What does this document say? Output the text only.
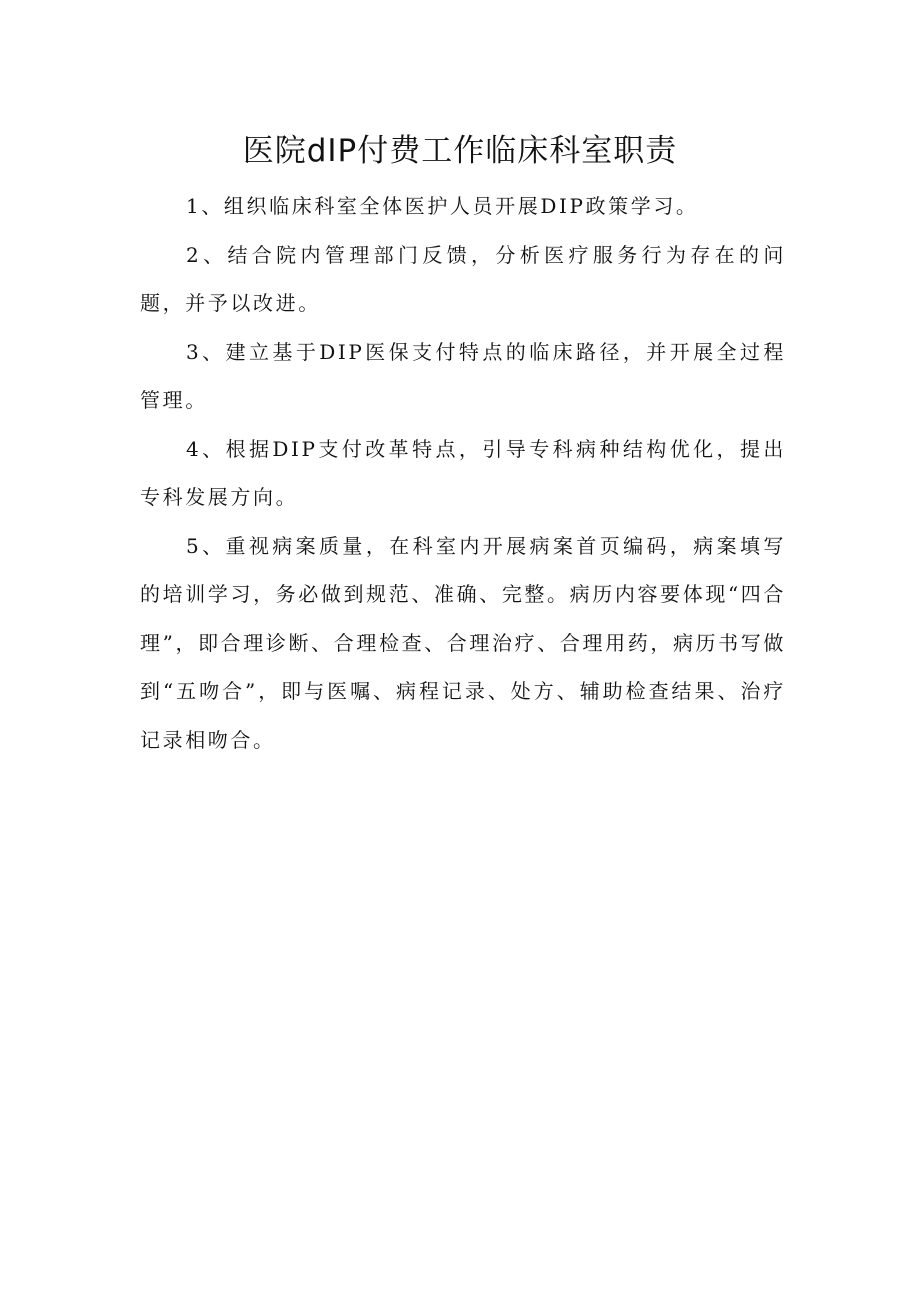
医院dIP付费工作临床科室职责

1、组织临床科室全体医护人员开展DIP政策学习。

2、结合院内管理部门反馈，分析医疗服务行为存在的问题，并予以改进。

3、建立基于DIP医保支付特点的临床路径，并开展全过程管理。

4、根据DIP支付改革特点，引导专科病种结构优化，提出专科发展方向。

5、重视病案质量，在科室内开展病案首页编码，病案填写的培训学习，务必做到规范、准确、完整。病历内容要体现“四合理”，即合理诊断、合理检查、合理治疗、合理用药，病历书写做到“五吻合”，即与医嘱、病程记录、处方、辅助检查结果、治疗记录相吻合。
